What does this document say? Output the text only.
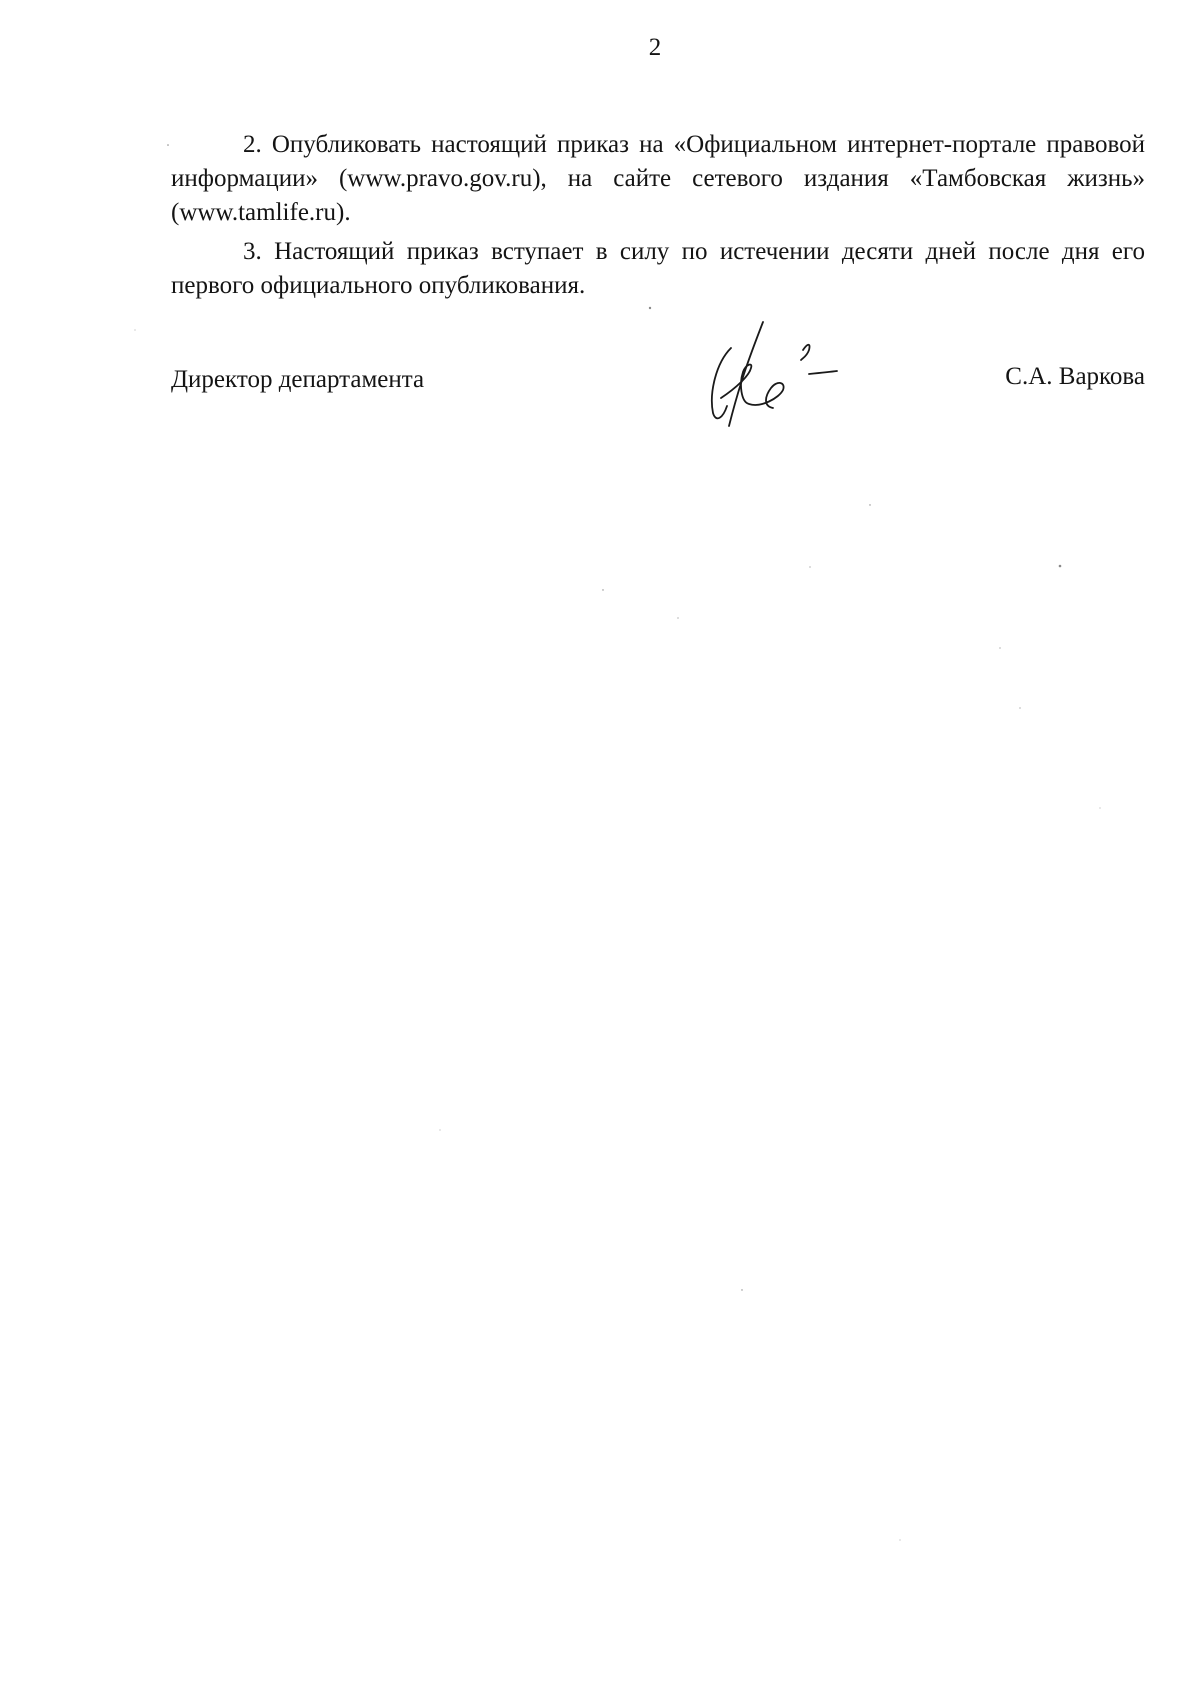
2

2. Опубликовать настоящий приказ на «Официальном интернет-портале правовой информации» (www.pravo.gov.ru), на сайте сетевого издания «Тамбовская жизнь» (www.tamlife.ru).

3. Настоящий приказ вступает в силу по истечении десяти дней после дня его первого официального опубликования.

Директор департамента	С.А. Варкова
